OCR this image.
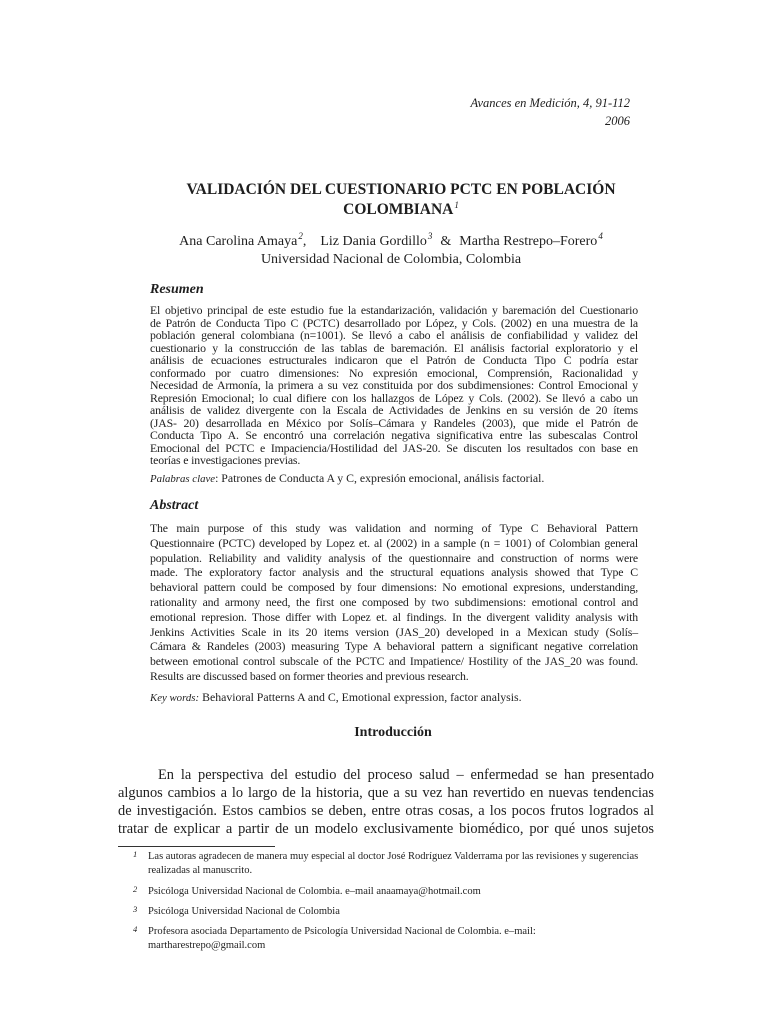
Avances en Medición, 4, 91-112
2006
VALIDACIÓN DEL CUESTIONARIO PCTC EN POBLACIÓN
COLOMBIANA$^1$
Ana Carolina Amaya$^2$, Liz Dania Gordillo$^3$ & Martha Restrepo–Forero$^4$
Universidad Nacional de Colombia, Colombia
Resumen
El objetivo principal de este estudio fue la estandarización, validación y baremación del Cuestionario
de Patrón de Conducta Tipo C (PCTC) desarrollado por López, y Cols. (2002) en una muestra de la
población general colombiana (n=1001). Se llevó a cabo el análisis de confiabilidad y validez del
cuestionario y la construcción de las tablas de baremación. El análisis factorial exploratorio y el
análisis de ecuaciones estructurales indicaron que el Patrón de Conducta Tipo C podría estar
conformado por cuatro dimensiones: No expresión emocional, Comprensión, Racionalidad y
Necesidad de Armonía, la primera a su vez constituida por dos subdimensiones: Control Emocional y
Represión Emocional; lo cual difiere con los hallazgos de López y Cols. (2002). Se llevó a cabo un
análisis de validez divergente con la Escala de Actividades de Jenkins en su versión de 20 ítems
(JAS- 20) desarrollada en México por Solís–Cámara y Randeles (2003), que mide el Patrón de
Conducta Tipo A. Se encontró una correlación negativa significativa entre las subescalas Control
Emocional del PCTC e Impaciencia/Hostilidad del JAS-20. Se discuten los resultados con base en
teorías e investigaciones previas.
Palabras clave: Patrones de Conducta A y C, expresión emocional, análisis factorial.
Abstract
The main purpose of this study was validation and norming of Type C Behavioral Pattern
Questionnaire (PCTC) developed by Lopez et. al (2002) in a sample (n = 1001) of Colombian general
population. Reliability and validity analysis of the questionnaire and construction of norms were
made. The exploratory factor analysis and the structural equations analysis showed that Type C
behavioral pattern could be composed by four dimensions: No emotional expresions, understanding,
rationality and armony need, the first one composed by two subdimensions: emotional control and
emotional represion. Those differ with Lopez et. al findings. In the divergent validity analysis with
Jenkins Activities Scale in its 20 items version (JAS_20) developed in a Mexican study (Solís–
Cámara & Randeles (2003) measuring Type A behavioral pattern a significant negative correlation
between emotional control subscale of the PCTC and Impatience/ Hostility of the JAS_20 was found.
Results are discussed based on former theories and previous research.
Key words: Behavioral Patterns A and C, Emotional expression, factor analysis.
Introducción
En la perspectiva del estudio del proceso salud – enfermedad se han presentado
algunos cambios a lo largo de la historia, que a su vez han revertido en nuevas tendencias
de investigación. Estos cambios se deben, entre otras cosas, a los pocos frutos logrados al
tratar de explicar a partir de un modelo exclusivamente biomédico, por qué unos sujetos
1 Las autoras agradecen de manera muy especial al doctor José Rodríguez Valderrama por las revisiones y sugerencias
realizadas al manuscrito.
2 Psicóloga Universidad Nacional de Colombia. e–mail anaamaya@hotmail.com
3 Psicóloga Universidad Nacional de Colombia
4 Profesora asociada Departamento de Psicología Universidad Nacional de Colombia. e–mail:
martharestrepo@gmail.com
